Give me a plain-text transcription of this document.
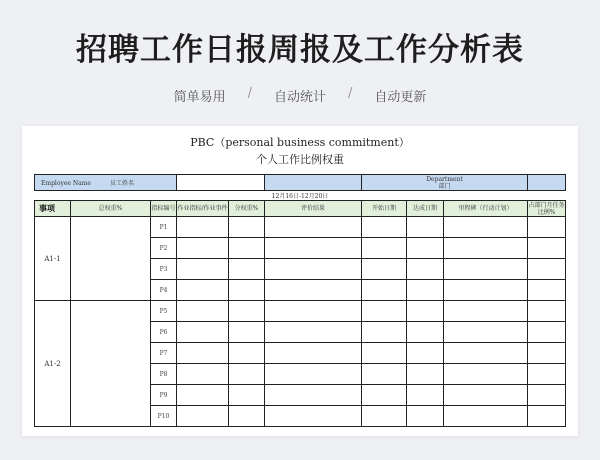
招聘工作日报周报及工作分析表
简单易用 / 自动统计 / 自动更新
PBC（personal business commitment）
个人工作比例权重
Employee Name 员工姓名						Department
部门			

12月16日-12月20日									
事项	总权重%	指标编号	作业指标/作业事件	分权重%	评价结果	开始日期	达成日期	里程碑（行动计划）	占部门月任务比例%
A1-1		P1							
		P2							
		P3							
		P4							
A1-2		P5							
		P6							
		P7							
		P8							
		P9							
		P10							
